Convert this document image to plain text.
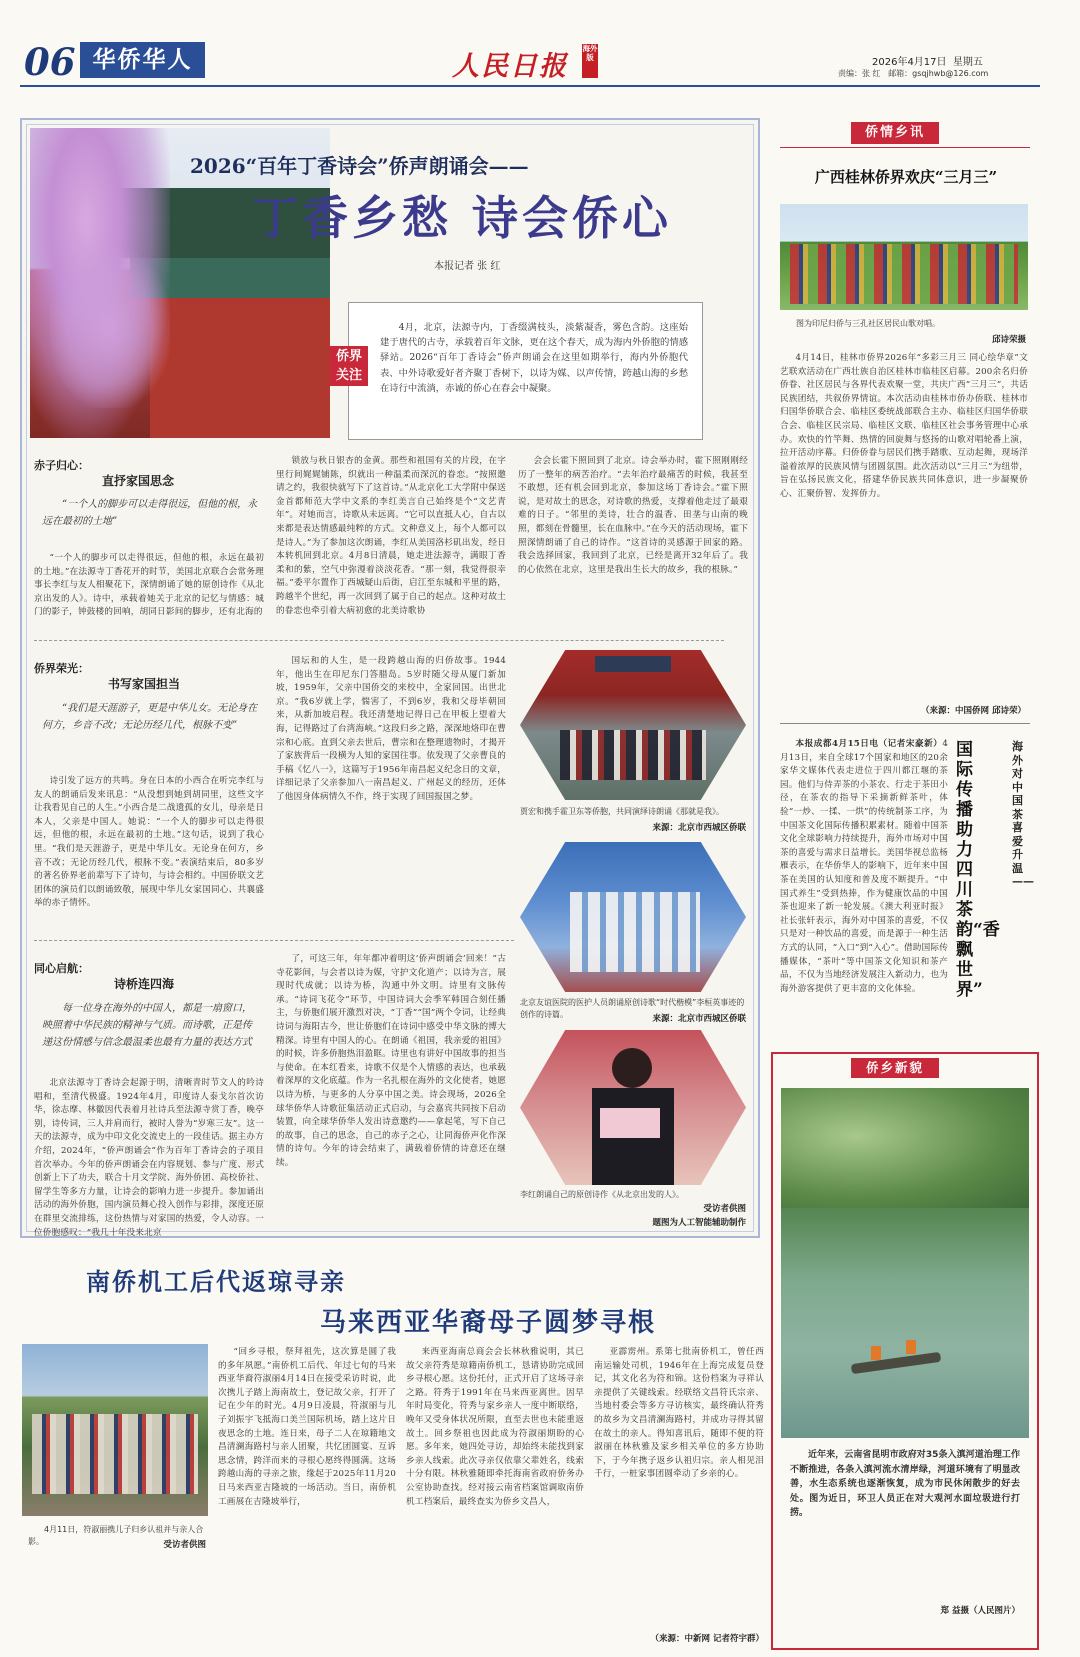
06 华侨华人	人民日报
海外版	2026年4月17日 星期五
责编：张 红 邮箱：gsqjhwb@126.com
2026“百年丁香诗会”侨声朗诵会——
丁香乡愁 诗会侨心
本报记者 张 红
侨界关注
4月，北京，法源寺内，丁香缀满枝头，淡紫凝香，雾色含韵。这座始建于唐代的古寺，承载着百年文脉，更在这个春天，成为海内外侨胞的情感驿站。2026“百年丁香诗会”侨声朗诵会在这里如期举行，海内外侨胞代表、中外诗歌爱好者齐聚丁香树下，以诗为媒、以声传情，跨越山海的乡愁在诗行中流淌，赤诚的侨心在春会中凝聚。
赤子归心：
直抒家国思念
“一个人的脚步可以走得很远，但他的根，永远在最初的土地”
“一个人的脚步可以走得很远，但他的根，永远在最初的土地。”在法源寺丁香花开的时节，美国北京联合会常务理事长李红与友人相聚花下，深情朗诵了她的原创诗作《从北京出发的人》。诗中，承载着她关于北京的记忆与情感：城门的影子，钟鼓楼的回响，胡同日影间的脚步，还有北海的
侨界荣光：
书写家国担当
“我们是天涯游子，更是中华儿女。无论身在何方，乡音不改；无论历经几代，根脉不变”
诗引发了远方的共鸣。身在日本的小西合在听完李红与友人的朗诵后发来讯息：“从没想到她到胡同里，这些文字让我看见自己的人生。”小西合是二战遗孤的女儿，母亲是日本人，父亲是中国人。她说：“一个人的脚步可以走得很远，但他的根，永远在最初的土地。”这句话，说到了我心里。“我们是天涯游子，更是中华儿女。无论身在何方，乡音不改；无论历经几代，根脉不变。”表演结束后，80多岁的著名侨界老前辈写下了诗句，与诗会相约。中国侨联文艺团体的演员们以朗诵致敬，展现中华儿女家国同心、共襄盛举的赤子情怀。
同心启航：
诗桥连四海
每一位身在海外的中国人，都是一扇窗口，映照着中华民族的精神与气质。而诗歌，正是传递这份情感与信念最温柔也最有力量的表达方式
北京法源寺丁香诗会起源于明，清晰青时节文人的吟诗唱和，至清代极盛。1924年4月，印度诗人泰戈尔首次访华，徐志摩、林徽因代表着月社诗兵至法源寺赏丁香，晚亭别，诗传词，三人并肩而行，被时人誉为“岁寒三友”。这一天的法源寺，成为中印文化交流史上的一段佳话。据主办方介绍，2024年，“侨声朗诵会”作为百年丁香诗会的子项目首次举办。今年的侨声朗诵会在内容规划、参与广度、形式创新上下了功夫，联合十月文学院、海外侨团、高校侨社、留学生等多方力量，让诗会的影响力进一步提升。参加诵出活动的海外侨胞，国内演员舞心投入创作与彩排，深度还原在群里交流排练，这份热情与对家国的热爱，令人动容。一位侨胞感叹：“我几十年没来北京
锁放与秋日银杏的金黄。那些和祖国有关的片段，在字里行间娓娓铺陈，织就出一种温柔而深沉的眷恋。“按照邀请之约，我很快就写下了这首诗。”从北京化工大学附中保送金首都师范大学中文系的李红美言自己始终是个“文艺青年”。对她而言，诗歌从未远离。“它可以直抵人心，自古以来都是表达情感最纯粹的方式。文种意义上，每个人都可以是诗人。”为了参加这次朗诵，李红从美国洛杉矶出发，经日本转机回到北京。4月8日清晨，她走进法源寺，满眼丁香柔和的紫，空气中弥漫着淡淡花香。“那一刻，我觉得很幸福。”委平尔置作丁西城疑山后街，启江至东城和平里的路，跨越半个世纪，再一次回到了属于自己的起点。这种对故土的眷恋也牵引着大病初愈的北美诗歌协
国坛和的人生，是一段跨越山海的归侨故事。1944年，他出生在印尼东门答腊岛。5岁时随父母从厦门新加坡，1959年，父亲中国侨交的来校中，全家回国。出世北京。“我6岁就上学，惴害了，不到6岁，我和父母毕朝回来，从新加坡启程。我还清楚地记得日己在甲板上望着大海，记得路过了台湾海峡。”这段归乡之路，深深地烙印在曹宗和心底。直到父亲去世后，曹宗和在整理遗物时，才揭开了家族背后一段横为人知的家国往事。依发现了父亲曹良的手稿《忆八一》，这篇写于1956年南昌起义纪念日的文章，详细记录了父亲参加八一南昌起义、广州起义的经历，还体了他因身体病情久不作，终于实现了回国报国之梦。
了，可这三年，年年都冲着明这‘侨声朗诵会’回来！”古寺花影间，与会者以诗为媒，守护文化道产；以诗为言，展现时代成就；以诗为桥，沟通中外文明。诗里有文脉传承。“诗词飞花令”环节，中国诗词大会季军韩国合刻任播主，与侨胞们展开激烈对决，“丁香”“国”两个令词，让经典诗词与海阳古今，世让侨胞们在诗词中感受中华文脉的博大精深。诗里有中国人的心。在朗诵《祖国，我亲爱的祖国》的时候，许多侨胞热泪盈眶。诗里也有讲好中国故事的担当与使命。在本红看来，诗歌不仅是个人情感的表达，也承载着深厚的文化底蕴。作为一名扎根在海外的文化使者，她愿以诗为桥，与更多的人分享中国之美。诗会现场，2026全球华侨华人诗歌征集活动正式启动，与会嘉宾共同按下启动装置，向全球华侨华人发出诗意邀约——拿起笔，写下自己的故事，自己的思念，自己的赤子之心，让同海侨声化作深情的诗句。今年的诗会结束了，满载着侨情的诗意还在继续。
会会长霍下照回到了北京。诗会举办时，霍下照刚刚经历了一整年的病苦治疗。“去年治疗最痛苦的时候，我甚至不敢想，还有机会回到北京，参加这场丁香诗会。”霍下照说，是对故土的思念，对诗歌的热爱，支撑着他走过了最艰难的日子。“邻里的美诗，壮合的温香、田垄与山南的晚照，都刻在骨髓里，长在血脉中。”在今天的活动现场，霍下照深情朗诵了自己的诗作。“这首诗的灵感源于回家的路。我会选择回家，我回到了北京，已经是离开32年后了。我的心依然在北京，这里是我出生长大的故乡，我的根脉。”
贾宏和携手霍卫东等侨胞，共同演绎诗朗诵《那就是我》。
来源：北京市西城区侨联
北京友谊医院的医护人员朗诵原创诗歌“时代楷模”李桓英事迹的创作的诗篇。	来源：北京市西城区侨联
李红朗诵自己的原创诗作《从北京出发的人》。
受访者供图
题图为人工智能辅助制作
侨情乡讯
广西桂林侨界欢庆“三月三”
图为印尼归侨与三孔社区居民山歌对唱。
邱诗荣摄
4月14日，桂林市侨界2026年“多彩三月三 同心绘华章”文艺联欢活动在广西壮族自治区桂林市临桂区启幕。200余名归侨侨眷、社区居民与各界代表欢聚一堂，共庆广西“三月三”，共话民族团结，共叙侨界情谊。本次活动由桂林市侨办侨联、桂林市归国华侨联合会、临桂区委统战部联合主办、临桂区归国华侨联合会、临桂区民宗局、临桂区文联、临桂区社会事务管理中心承办。欢快的竹竿舞、热情的回旋舞与悠扬的山歌对唱轮番上演，拉开活动序幕。归侨侨眷与居民们携手踏歌、互动起舞，现场洋溢着浓厚的民族风情与团圆氛围。此次活动以“三月三”为纽带，旨在弘扬民族文化，搭建华侨民族共同体意识，进一步凝聚侨心、汇聚侨智、发挥侨力。
（来源：中国侨网 邱诗荣）
本报成都4月15日电（记者宋豪新）4月13日，来自全球17个国家和地区的20余家华文媒体代表走进位于四川都江堰的茶园。他们与侍弄茶的小茶农、行走于茶田小径，在茶农的指导下采摘新鲜茶叶，体验“一炒、一揉、一烘”的传统制茶工序，为中国茶文化国际传播积累素材。随着中国茶文化全球影响力持续提升，海外市场对中国茶的喜爱与需求日益增长。美国华视总监杨雁表示，在华侨华人的影响下，近年来中国茶在美国的认知度和普及度不断提升。“中国式养生”受到热捧，作为健康饮品的中国茶也迎来了新一轮发展。《澳大利亚时报》社长张轩表示，海外对中国茶的喜爱，不仅只是对一种饮品的喜爱，而是源于一种生活方式的认同，“入口”到“入心”。借助国际传播媒体，“茶叶”等中国茶文化知识和茶产品，不仅为当地经济发展注入新动力，也为海外游客提供了更丰富的文化体验。
海外对中国茶喜爱升温——
国际传播助力四川茶韵“香飘世界”
侨乡新貌
近年来，云南省昆明市政府对35条入滇河道治理工作不断推进，各条入滇河流水清岸绿，河道环境有了明显改善，水生态系统也逐渐恢复，成为市民休闲散步的好去处。图为近日，环卫人员正在对大观河水面垃圾进行打捞。
郑 益摄（人民图片）
南侨机工后代返琼寻亲
马来西亚华裔母子圆梦寻根
4月11日，符淑丽携儿子归乡认祖并与亲人合影。	受访者供图
“回乡寻根，祭拜祖先，这次算是圆了我的多年夙愿。”南侨机工后代、年过七旬的马来西亚华裔符淑丽4月14日在接受采访时说，此次携儿子踏上海南故土，登记故父亲，打开了记在少年的时光。4月9日凌晨，符淑丽与儿子刘振宇飞抵海口美兰国际机场，踏上这片日夜思念的土地。连日来，母子二人在琼籍地文昌清澜海路村与亲人团聚，共忆团圆宴、互诉思念情，跨洋而来的寻根心愿终得圆满。这场跨越山海的寻亲之旅，缘起于2025年11月20日马来西亚吉隆坡的一场活动。当日，南侨机工画展在吉隆坡举行，
来西亚海南总商会会长林秋雅说明，其已故父亲符秀是琼籍南侨机工，恳请协助完成回乡寻根心愿。这份托付，正式开启了这场寻亲之路。符秀于1991年在马来西亚离世。因早年时局变化，符秀与家乡亲人一度中断联络，晚年又受身体状况所限，直至去世也未能重返故土。回乡祭祖也因此成为符淑丽期盼的心愿。多年来，她四处寻访，却始终未能找到家乡亲人线索。此次寻亲仅依靠父辈姓名，线索十分有限。林秋雅随即牵托海南省政府侨务办公室协助查找。经对接云南省档案馆调取南侨机工档案后，最终查实为侨乡文昌人，
亚霹雳州。系第七批南侨机工，曾任西南运输处司机，1946年在上海完成复员登记，其文化名为符和锦。这份档案为寻祥认亲提供了关键线索。经联络文昌符氏宗亲、当地村委会等多方寻访核实，最终确认符秀的故乡为文昌清澜海路村，并成功寻得其留在故土的亲人。得知喜讯后，随即不便的符淑丽在林秋雅及家乡相关单位的多方协助下，于今年携子返乡认祖归宗。亲人相见泪千行，一桩家事团圆牵动了乡亲的心。
（来源：中新网 记者符宇群）
